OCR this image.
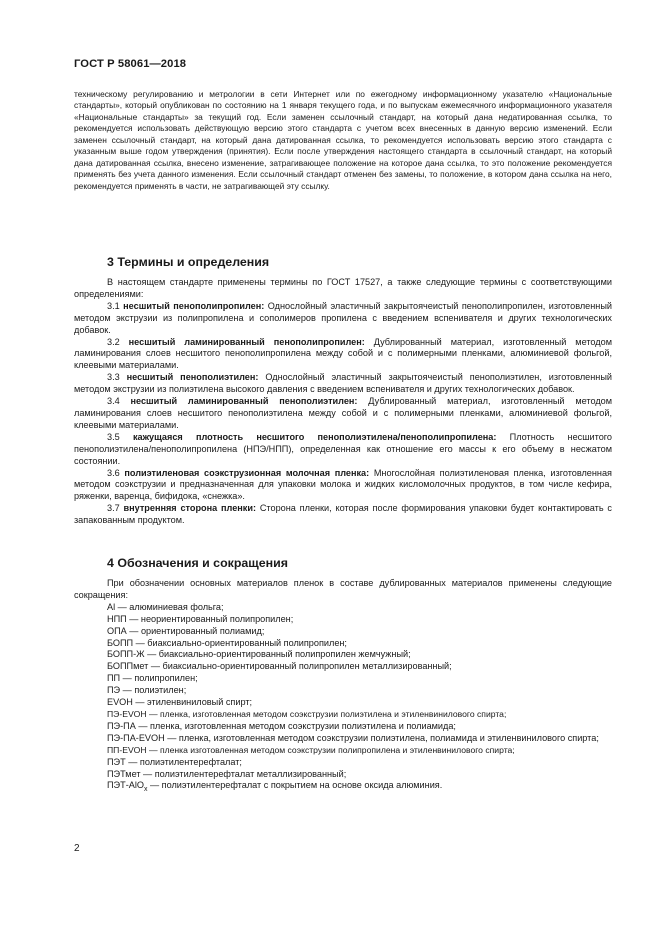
ГОСТ Р 58061—2018

техническому регулированию и метрологии в сети Интернет или по ежегодному информационному указателю «Национальные стандарты», который опубликован по состоянию на 1 января текущего года, и по выпускам ежемесячного информационного указателя «Национальные стандарты» за текущий год. Если заменен ссылочный стандарт, на который дана недатированная ссылка, то рекомендуется использовать действующую версию этого стандарта с учетом всех внесенных в данную версию изменений. Если заменен ссылочный стандарт, на который дана датированная ссылка, то рекомендуется использовать версию этого стандарта с указанным выше годом утверждения (принятия). Если после утверждения настоящего стандарта в ссылочный стандарт, на который дана датированная ссылка, внесено изменение, затрагивающее положение на которое дана ссылка, то это положение рекомендуется применять без учета данного изменения. Если ссылочный стандарт отменен без замены, то положение, в котором дана ссылка на него, рекомендуется применять в части, не затрагивающей эту ссылку.

3 Термины и определения

В настоящем стандарте применены термины по ГОСТ 17527, а также следующие термины с соответствующими определениями:

3.1 несшитый пенополипропилен: Однослойный эластичный закрытоячеистый пенополипропилен, изготовленный методом экструзии из полипропилена и сополимеров пропилена с введением вспенивателя и других технологических добавок.

3.2 несшитый ламинированный пенополипропилен: Дублированный материал, изготовленный методом ламинирования слоев несшитого пенополипропилена между собой и с полимерными пленками, алюминиевой фольгой, клеевыми материалами.

3.3 несшитый пенополиэтилен: Однослойный эластичный закрытоячеистый пенополиэтилен, изготовленный методом экструзии из полиэтилена высокого давления с введением вспенивателя и других технологических добавок.

3.4 несшитый ламинированный пенополиэтилен: Дублированный материал, изготовленный методом ламинирования слоев несшитого пенополиэтилена между собой и с полимерными пленками, алюминиевой фольгой, клеевыми материалами.

3.5 кажущаяся плотность несшитого пенополиэтилена/пенополипропилена: Плотность несшитого пенополиэтилена/пенополипропилена (НПЭ/НПП), определенная как отношение его массы к его объему в несжатом состоянии.

3.6 полиэтиленовая соэкструзионная молочная пленка: Многослойная полиэтиленовая пленка, изготовленная методом соэкструзии и предназначенная для упаковки молока и жидких кисломолочных продуктов, в том числе кефира, ряженки, варенца, бифидока, «снежка».

3.7 внутренняя сторона пленки: Сторона пленки, которая после формирования упаковки будет контактировать с запакованным продуктом.

4 Обозначения и сокращения

При обозначении основных материалов пленок в составе дублированных материалов применены следующие сокращения:

Al — алюминиевая фольга;

НПП — неориентированный полипропилен;

ОПА — ориентированный полиамид;

БОПП — биаксиально-ориентированный полипропилен;

БОПП-Ж — биаксиально-ориентированный полипропилен жемчужный;

БОППмет — биаксиально-ориентированный полипропилен металлизированный;

ПП — полипропилен;

ПЭ — полиэтилен;

EVOH — этиленвиниловый спирт;

ПЭ-EVOH — пленка, изготовленная методом соэкструзии полиэтилена и этиленвинилового спирта;

ПЭ-ПА — пленка, изготовленная методом соэкструзии полиэтилена и полиамида;

ПЭ-ПА-EVOH — пленка, изготовленная методом соэкструзии полиэтилена, полиамида и этиленвинилового спирта;

ПП-EVOH — пленка изготовленная методом соэкструзии полипропилена и этиленвинилового спирта;

ПЭТ — полиэтилентерефталат;

ПЭТмет — полиэтилентерефталат металлизированный;

ПЭТ-AlO$_x$ — полиэтилентерефталат с покрытием на основе оксида алюминия.

2
